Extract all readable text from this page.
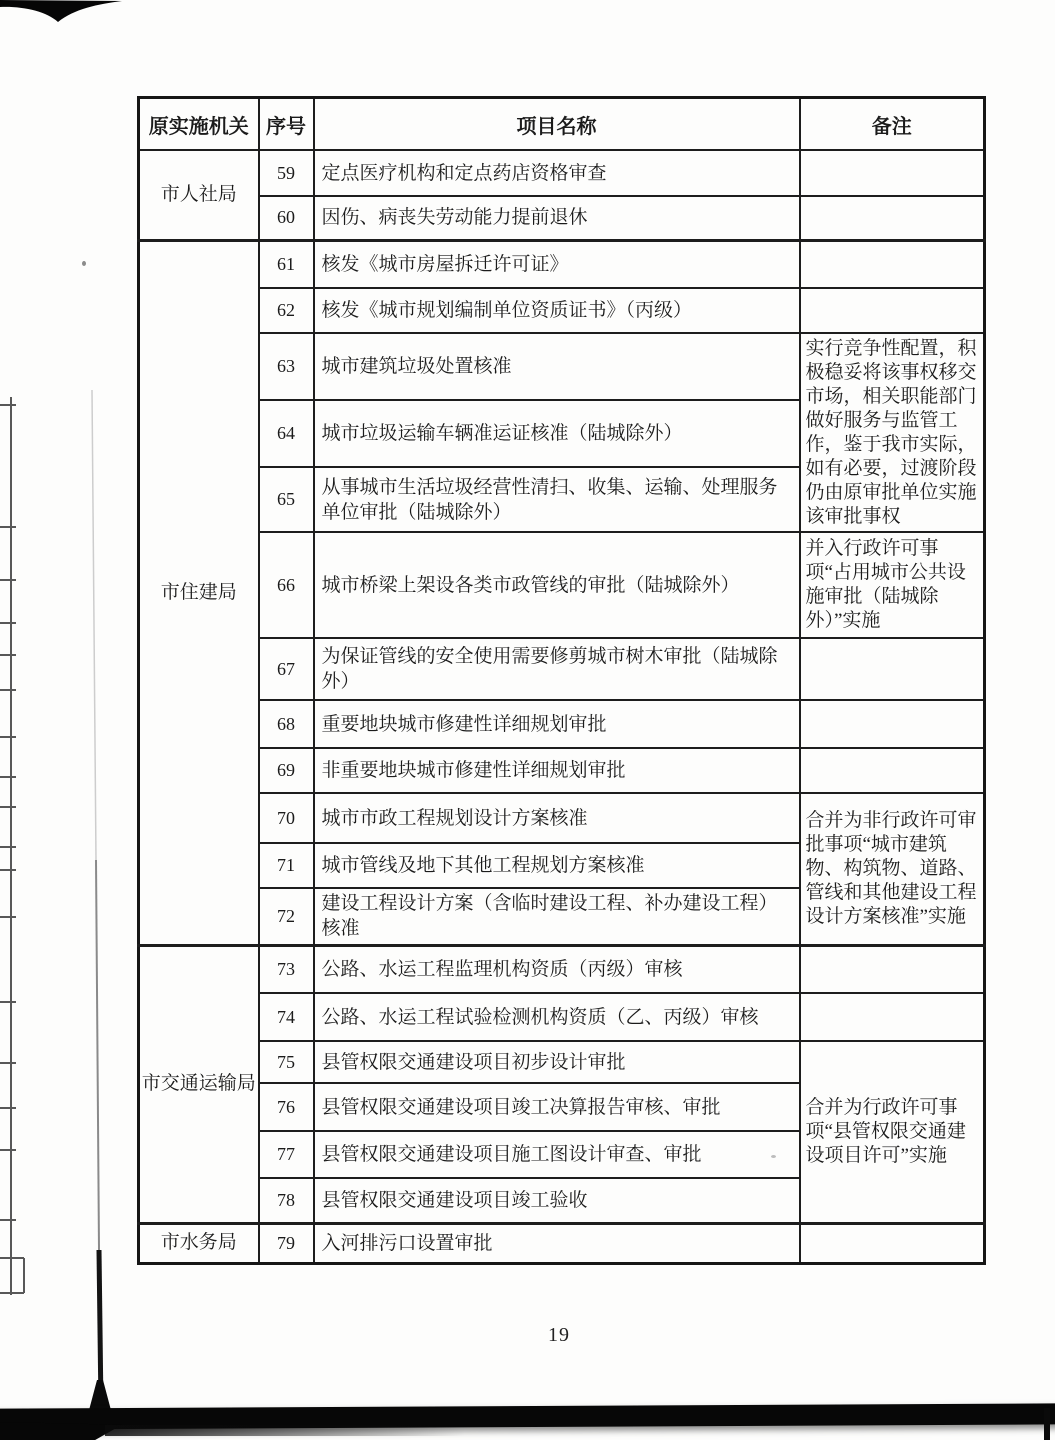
原实施机关	序号	项目名称	备注
市人社局	59	定点医疗机构和定点药店资格审查	
	60	因伤、病丧失劳动能力提前退休	
市住建局	61	核发《城市房屋拆迁许可证》	
	62	核发《城市规划编制单位资质证书》（丙级）	
	63	城市建筑垃圾处置核准	实行竞争性配置，积极稳妥将该事权移交市场，相关职能部门做好服务与监管工作，鉴于我市实际，如有必要，过渡阶段仍由原审批单位实施该审批事权
	64	城市垃圾运输车辆准运证核准（陆城除外）	
	65	从事城市生活垃圾经营性清扫、收集、运输、处理服务单位审批（陆城除外）	
	66	城市桥梁上架设各类市政管线的审批（陆城除外）	并入行政许可事项“占用城市公共设施审批（陆城除外）”实施
	67	为保证管线的安全使用需要修剪城市树木审批（陆城除外）	
	68	重要地块城市修建性详细规划审批	
	69	非重要地块城市修建性详细规划审批	
	70	城市市政工程规划设计方案核准	合并为非行政许可审批事项“城市建筑物、构筑物、道路、管线和其他建设工程设计方案核准”实施
	71	城市管线及地下其他工程规划方案核准	
	72	建设工程设计方案（含临时建设工程、补办建设工程）核准	
市交通运输局	73	公路、水运工程监理机构资质（丙级）审核	
	74	公路、水运工程试验检测机构资质（乙、丙级）审核	
	75	县管权限交通建设项目初步设计审批	合并为行政许可事项“县管权限交通建设项目许可”实施
	76	县管权限交通建设项目竣工决算报告审核、审批	
	77	县管权限交通建设项目施工图设计审查、审批	
	78	县管权限交通建设项目竣工验收	
市水务局	79	入河排污口设置审批	
19
